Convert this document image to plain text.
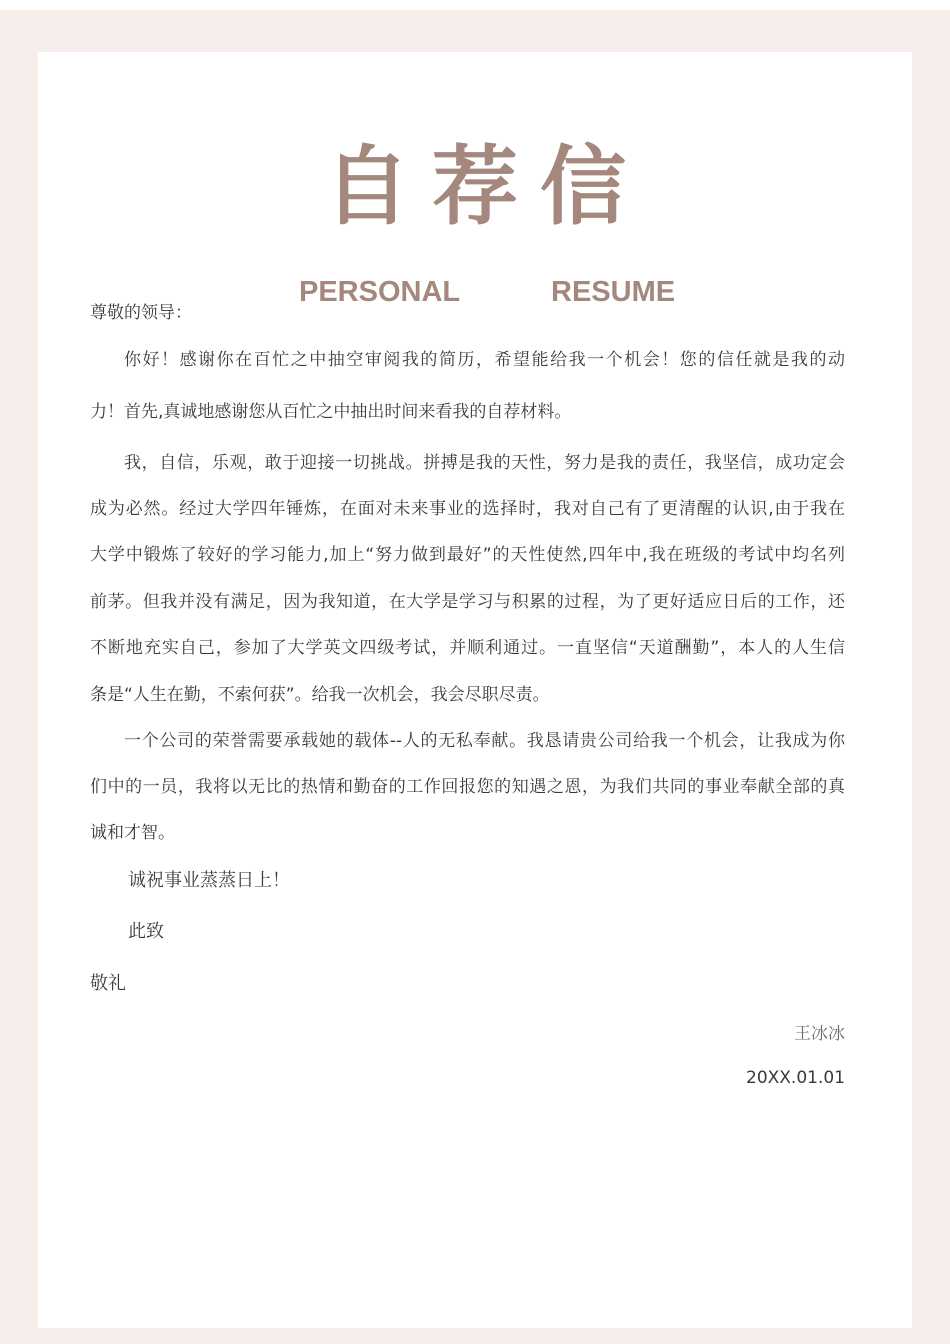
自荐信
PERSONAL	RESUME
尊敬的领导：
你好！感谢你在百忙之中抽空审阅我的简历，希望能给我一个机会！您的信任就是我的动
力！首先,真诚地感谢您从百忙之中抽出时间来看我的自荐材料。
我，自信，乐观，敢于迎接一切挑战。拼搏是我的天性，努力是我的责任，我坚信，成功定会
成为必然。经过大学四年锤炼，在面对未来事业的选择时，我对自己有了更清醒的认识,由于我在
大学中锻炼了较好的学习能力,加上“努力做到最好”的天性使然,四年中,我在班级的考试中均名列
前茅。但我并没有满足，因为我知道，在大学是学习与积累的过程，为了更好适应日后的工作，还
不断地充实自己，参加了大学英文四级考试，并顺利通过。一直坚信“天道酬勤”，本人的人生信
条是“人生在勤，不索何获”。给我一次机会，我会尽职尽责。
一个公司的荣誉需要承载她的载体--人的无私奉献。我恳请贵公司给我一个机会，让我成为你
们中的一员，我将以无比的热情和勤奋的工作回报您的知遇之恩，为我们共同的事业奉献全部的真
诚和才智。
诚祝事业蒸蒸日上！
此致
敬礼
王冰冰
20XX.01.01
